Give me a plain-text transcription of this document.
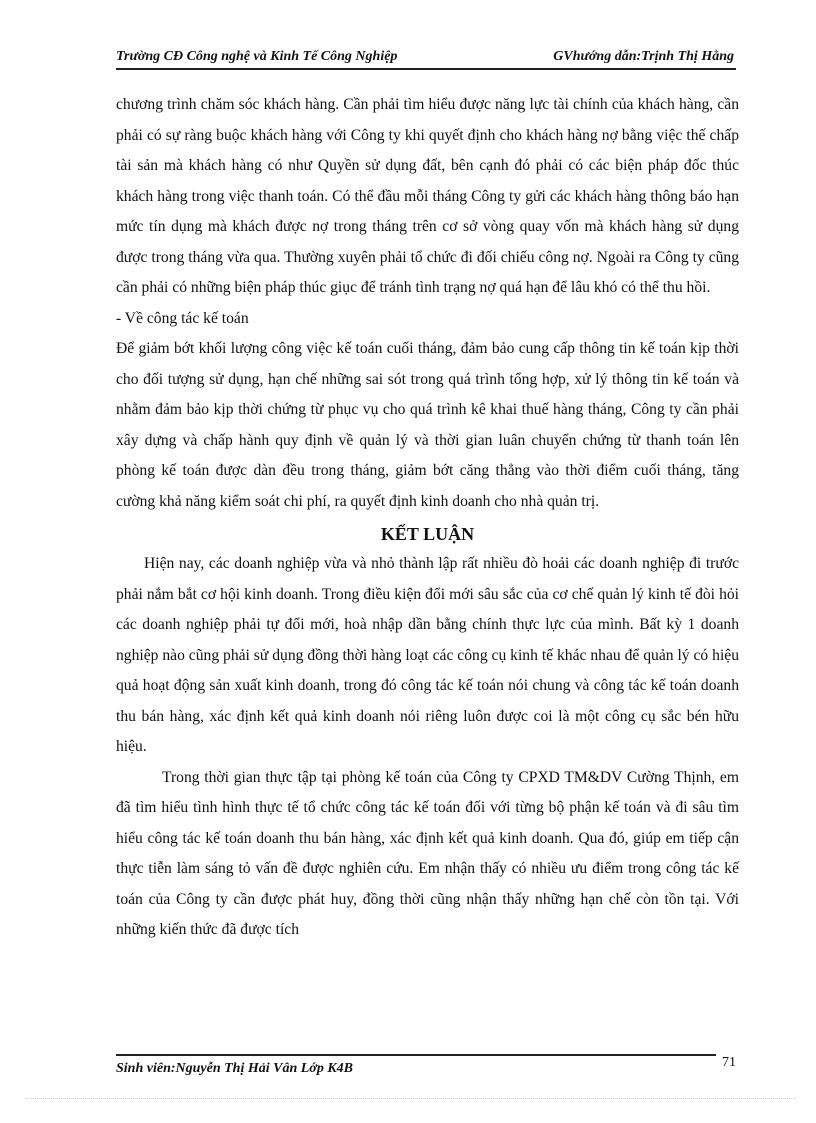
Trường CĐ Công nghệ và Kinh Tế Công Nghiệp	GVhướng dẫn:Trịnh Thị Hằng

chương trình chăm sóc khách hàng. Cần phải tìm hiểu được năng lực tài chính của khách hàng, cần phải có sự ràng buộc khách hàng với Công ty khi quyết định cho khách hàng nợ bằng việc thế chấp tài sản mà khách hàng có như Quyền sử dụng đất, bên cạnh đó phải có các biện pháp đốc thúc khách hàng trong việc thanh toán. Có thể đầu mỗi tháng Công ty gửi các khách hàng thông báo hạn mức tín dụng mà khách được nợ trong tháng trên cơ sở vòng quay vốn mà khách hàng sử dụng được trong tháng vừa qua. Thường xuyên phải tổ chức đi đối chiếu công nợ. Ngoài ra Công ty cũng cần phải có những biện pháp thúc giục để tránh tình trạng nợ quá hạn để lâu khó có thể thu hồi.

- Về công tác kế toán

Để giảm bớt khối lượng công việc kế toán cuối tháng, đảm bảo cung cấp thông tin kế toán kịp thời cho đối tượng sử dụng, hạn chế những sai sót trong quá trình tổng hợp, xử lý thông tin kế toán và nhằm đảm bảo kịp thời chứng từ phục vụ cho quá trình kê khai thuế hàng tháng, Công ty cần phải xây dựng và chấp hành quy định về quản lý và thời gian luân chuyển chứng từ thanh toán lên phòng kế toán được dàn đều trong tháng, giảm bớt căng thẳng vào thời điểm cuối tháng, tăng cường khả năng kiểm soát chi phí, ra quyết định kinh doanh cho nhà quản trị.

KẾT LUẬN

Hiện nay, các doanh nghiệp vừa và nhỏ thành lập rất nhiều đò hoải các doanh nghiệp đi trước phải nắm bắt cơ hội kinh doanh. Trong điều kiện đổi mới sâu sắc của cơ chế quản lý kinh tế đòi hỏi các doanh nghiệp phải tự đổi mới, hoà nhập dần bằng chính thực lực của mình. Bất kỳ 1 doanh nghiệp nào cũng phải sử dụng đồng thời hàng loạt các công cụ kinh tế khác nhau để quản lý có hiệu quả hoạt động sản xuất kinh doanh, trong đó công tác kế toán nói chung và công tác kế toán doanh thu bán hàng, xác định kết quả kinh doanh nói riêng luôn được coi là một công cụ sắc bén hữu hiệu.

Trong thời gian thực tập tại phòng kế toán của Công ty CPXD TM&DV Cường Thịnh, em đã tìm hiểu tình hình thực tế tổ chức công tác kế toán đối với từng bộ phận kế toán và đi sâu tìm hiểu công tác kế toán doanh thu bán hàng, xác định kết quả kinh doanh. Qua đó, giúp em tiếp cận thực tiễn làm sáng tỏ vấn đề được nghiên cứu. Em nhận thấy có nhiều ưu điểm trong công tác kế toán của Công ty cần được phát huy, đồng thời cũng nhận thấy những hạn chế còn tồn tại. Với những kiến thức đã được tích

Sinh viên:Nguyễn Thị Hải Vân Lớp K4B	71
